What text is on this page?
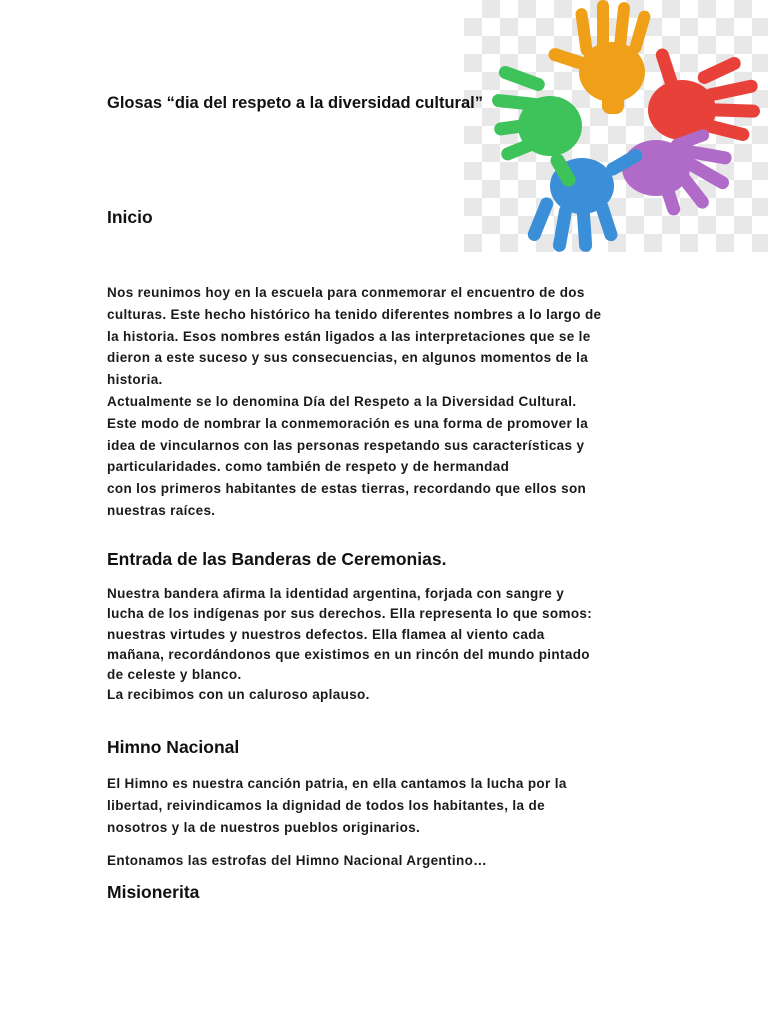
Glosas “dia del respeto a la diversidad cultural”
Inicio

Nos reunimos hoy en la escuela para conmemorar el encuentro de dos
culturas. Este hecho histórico ha tenido diferentes nombres a lo largo de
la historia. Esos nombres están ligados a las interpretaciones que se le
dieron a este suceso y sus consecuencias, en algunos momentos de la
historia.
Actualmente se lo denomina Día del Respeto a la Diversidad Cultural.
Este modo de nombrar la conmemoración es una forma de promover la
idea de vincularnos con las personas respetando sus características y
particularidades. como también de respeto y de hermandad
con los primeros habitantes de estas tierras, recordando que ellos son
nuestras raíces.

Entrada de las Banderas de Ceremonias.

Nuestra bandera afirma la identidad argentina, forjada con sangre y
lucha de los indígenas por sus derechos. Ella representa lo que somos:
nuestras virtudes y nuestros defectos. Ella flamea al viento cada
mañana, recordándonos que existimos en un rincón del mundo pintado
de celeste y blanco.
La recibimos con un caluroso aplauso.

Himno Nacional

El Himno es nuestra canción patria, en ella cantamos la lucha por la
libertad, reivindicamos la dignidad de todos los habitantes, la de
nosotros y la de nuestros pueblos originarios.

Entonamos las estrofas del Himno Nacional Argentino…

Misionerita
